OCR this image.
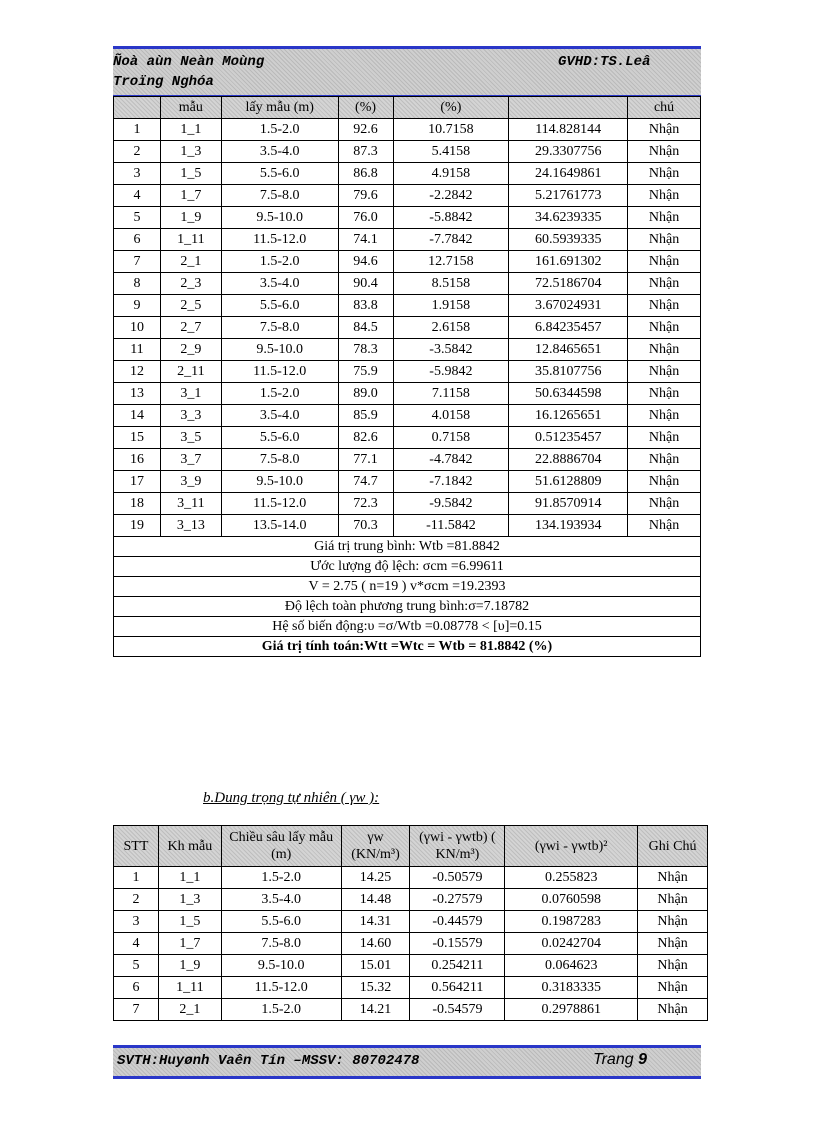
Ñoà aùn Neàn Moùng
Troïng Nghóa
GVHD:TS.Leâ
	mẫu	lấy mẫu (m)	(%)	(%)		chú
1	1_1	1.5-2.0	92.6	10.7158	114.828144	Nhận
2	1_3	3.5-4.0	87.3	5.4158	29.3307756	Nhận
3	1_5	5.5-6.0	86.8	4.9158	24.1649861	Nhận
4	1_7	7.5-8.0	79.6	-2.2842	5.21761773	Nhận
5	1_9	9.5-10.0	76.0	-5.8842	34.6239335	Nhận
6	1_11	11.5-12.0	74.1	-7.7842	60.5939335	Nhận
7	2_1	1.5-2.0	94.6	12.7158	161.691302	Nhận
8	2_3	3.5-4.0	90.4	8.5158	72.5186704	Nhận
9	2_5	5.5-6.0	83.8	1.9158	3.67024931	Nhận
10	2_7	7.5-8.0	84.5	2.6158	6.84235457	Nhận
11	2_9	9.5-10.0	78.3	-3.5842	12.8465651	Nhận
12	2_11	11.5-12.0	75.9	-5.9842	35.8107756	Nhận
13	3_1	1.5-2.0	89.0	7.1158	50.6344598	Nhận
14	3_3	3.5-4.0	85.9	4.0158	16.1265651	Nhận
15	3_5	5.5-6.0	82.6	0.7158	0.51235457	Nhận
16	3_7	7.5-8.0	77.1	-4.7842	22.8886704	Nhận
17	3_9	9.5-10.0	74.7	-7.1842	51.6128809	Nhận
18	3_11	11.5-12.0	72.3	-9.5842	91.8570914	Nhận
19	3_13	13.5-14.0	70.3	-11.5842	134.193934	Nhận
Giá trị trung bình: Wtb =81.8842						
Ước lượng độ lệch: σcm =6.99611						
V = 2.75 ( n=19 ) v*σcm =19.2393						
Độ lệch toàn phương trung bình:σ=7.18782						
Hệ số biến động:υ =σ/Wtb =0.08778 < [υ]=0.15						
Giá trị tính toán:Wtt =Wtc = Wtb = 81.8842 (%)						
b.Dung trọng tự nhiên ( γw ):
STT	Kh mẫu	Chiều sâu lấy mẫu (m)	γw (KN/m³)	(γwi - γwtb) ( KN/m³)	(γwi - γwtb)²	Ghi Chú
1	1_1	1.5-2.0	14.25	-0.50579	0.255823	Nhận
2	1_3	3.5-4.0	14.48	-0.27579	0.0760598	Nhận
3	1_5	5.5-6.0	14.31	-0.44579	0.1987283	Nhận
4	1_7	7.5-8.0	14.60	-0.15579	0.0242704	Nhận
5	1_9	9.5-10.0	15.01	0.254211	0.064623	Nhận
6	1_11	11.5-12.0	15.32	0.564211	0.3183335	Nhận
7	2_1	1.5-2.0	14.21	-0.54579	0.2978861	Nhận
SVTH:Huyønh Vaên Tín –MSSV: 80702478	Trang 9
